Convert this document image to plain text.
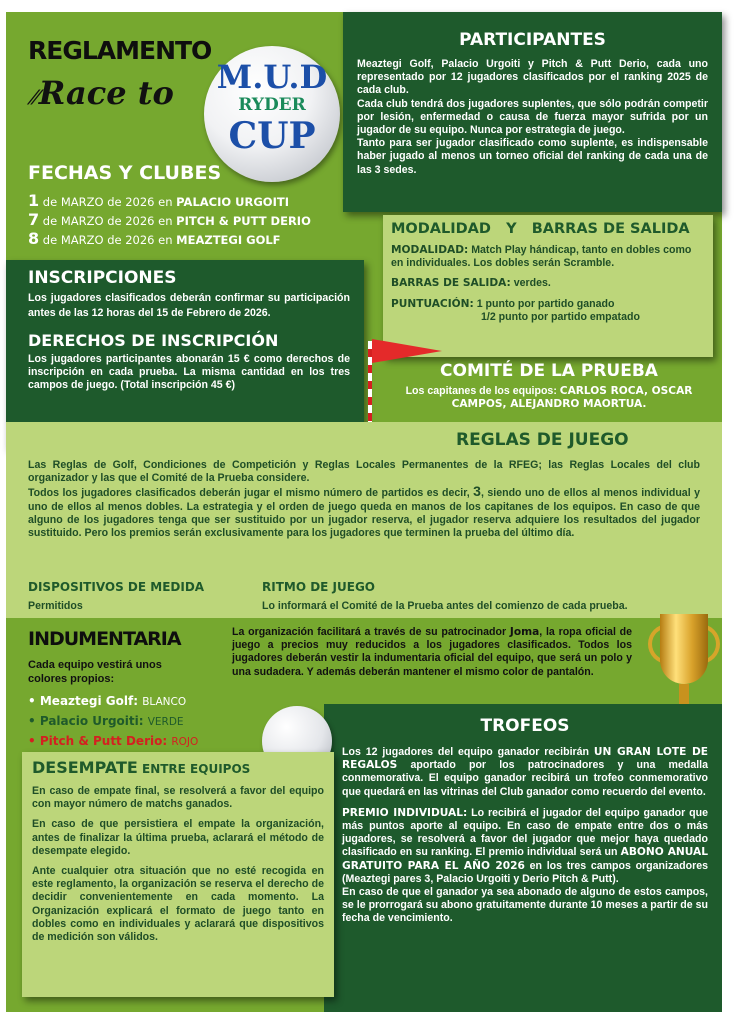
REGLAMENTO
⁄⁄Race to	M.U.D
RYDER
CUP
FECHAS Y CLUBES
1 de MARZO de 2026 en PALACIO URGOITI
7 de MARZO de 2026 en PITCH & PUTT DERIO
8 de MARZO de 2026 en MEAZTEGI GOLF
PARTICIPANTES

Meaztegi Golf, Palacio Urgoiti y Pitch & Putt Derio, cada uno representado por 12 jugadores clasificados por el ranking 2025 de cada club.

Cada club tendrá dos jugadores suplentes, que sólo podrán competir por lesión, enfermedad o causa de fuerza mayor sufrida por un jugador de su equipo. Nunca por estrategia de juego.

Tanto para ser jugador clasificado como suplente, es indispensable haber jugado al menos un torneo oficial del ranking de cada una de las 3 sedes.

MODALIDAD   Y   BARRAS DE SALIDA

MODALIDAD: Match Play hándicap, tanto en dobles como en individuales. Los dobles serán Scramble.

BARRAS DE SALIDA: verdes.

PUNTUACIÓN: 1 punto por partido ganado

1/2 punto por partido empatado

INSCRIPCIONES

Los jugadores clasificados deberán confirmar su participación antes de las 12 horas del 15 de Febrero de 2026.

DERECHOS DE INSCRIPCIÓN

Los jugadores participantes abonarán 15 € como derechos de inscripción en cada prueba. La misma cantidad en los tres campos de juego. (Total inscripción 45 €)

COMITÉ DE LA PRUEBA
Los capitanes de los equipos: CARLOS ROCA, OSCAR CAMPOS, ALEJANDRO MAORTUA.
REGLAS DE JUEGO

Las Reglas de Golf, Condiciones de Competición y Reglas Locales Permanentes de la RFEG; las Reglas Locales del club organizador y las que el Comité de la Prueba considere.

Todos los jugadores clasificados deberán jugar el mismo número de partidos es decir, 3, siendo uno de ellos al menos individual y uno de ellos al menos dobles. La estrategia y el orden de juego queda en manos de los capitanes de los equipos. En caso de que alguno de los jugadores tenga que ser sustituido por un jugador reserva, el jugador reserva adquiere los resultados del jugador sustituido. Pero los premios serán exclusivamente para los jugadores que terminen la prueba del último día.

DISPOSITIVOS DE MEDIDA
Permitidos
RITMO DE JUEGO
Lo informará el Comité de la Prueba antes del comienzo de cada prueba.
INDUMENTARIA
Cada equipo vestirá unos colores propios:
• Meaztegi Golf: BLANCO
• Palacio Urgoiti: VERDE
• Pitch & Putt Derio: ROJO

La organización facilitará a través de su patrocinador Joma, la ropa oficial de juego a precios muy reducidos a los jugadores clasificados. Todos los jugadores deberán vestir la indumentaria oficial del equipo, que será un polo y una sudadera. Y además deberán mantener el mismo color de pantalón.

TROFEOS

Los 12 jugadores del equipo ganador recibirán UN GRAN LOTE DE REGALOS aportado por los patrocinadores y una medalla conmemorativa. El equipo ganador recibirá un trofeo conmemorativo que quedará en las vitrinas del Club ganador como recuerdo del evento.

PREMIO INDIVIDUAL: Lo recibirá el jugador del equipo ganador que más puntos aporte al equipo. En caso de empate entre dos o más jugadores, se resolverá a favor del jugador que mejor haya quedado clasificado en su ranking. El premio individual será un ABONO ANUAL GRATUITO PARA EL AÑO 2026 en los tres campos organizadores (Meaztegi pares 3, Palacio Urgoiti y Derio Pitch & Putt).

En caso de que el ganador ya sea abonado de alguno de estos campos, se le prorrogará su abono gratuitamente durante 10 meses a partir de su fecha de vencimiento.

DESEMPATE ENTRE EQUIPOS

En caso de empate final, se resolverá a favor del equipo con mayor número de matchs ganados.

En caso de que persistiera el empate la organización, antes de finalizar la última prueba, aclarará el método de desempate elegido.

Ante cualquier otra situación que no esté recogida en este reglamento, la organización se reserva el derecho de decidir convenientemente en cada momento. La Organización explicará el formato de juego tanto en dobles como en individuales y aclarará que dispositivos de medición son válidos.
